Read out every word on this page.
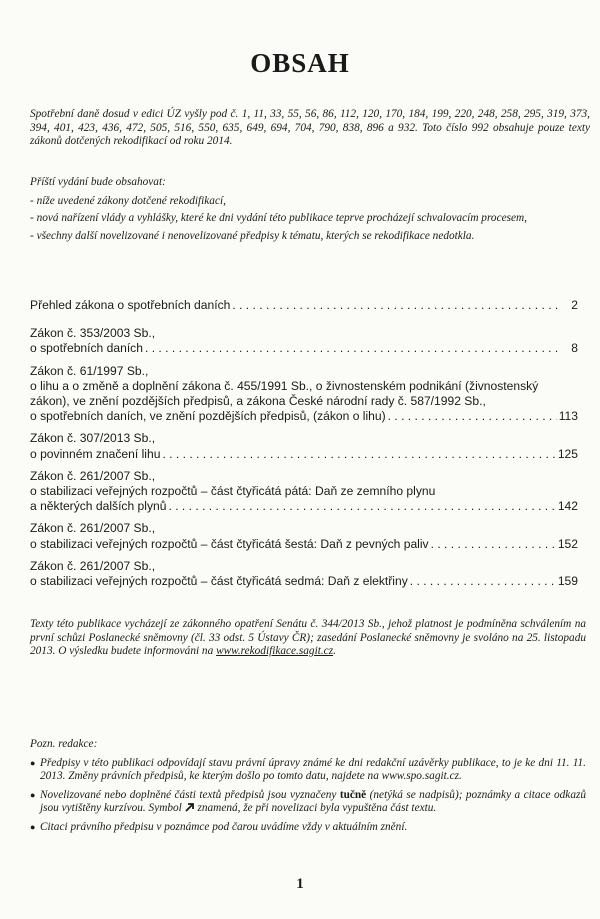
OBSAH
Spotřební daně dosud v edici ÚZ vyšly pod č. 1, 11, 33, 55, 56, 86, 112, 120, 170, 184, 199, 220, 248, 258, 295, 319, 373, 394, 401, 423, 436, 472, 505, 516, 550, 635, 649, 694, 704, 790, 838, 896 a 932. Toto číslo 992 obsahuje pouze texty zákonů dotčených rekodifikací od roku 2014.
Příští vydání bude obsahovat:
- níže uvedené zákony dotčené rekodifikací,
- nová nařízení vlády a vyhlášky, které ke dni vydání této publikace teprve procházejí schvalovacím procesem,
- všechny další novelizované i nenovelizované předpisy k tématu, kterých se rekodifikace nedotkla.
Přehled zákona o spotřebních daních . . .	2
Zákon č. 353/2003 Sb.,
o spotřebních daních . . .	8
Zákon č. 61/1997 Sb.,
o lihu a o změně a doplnění zákona č. 455/1991 Sb., o živnostenském podnikání (živnostenský
zákon), ve znění pozdějších předpisů, a zákona České národní rady č. 587/1992 Sb.,
o spotřebních daních, ve znění pozdějších předpisů, (zákon o lihu) . . .	113
Zákon č. 307/2013 Sb.,
o povinném značení lihu . . .	125
Zákon č. 261/2007 Sb.,
o stabilizaci veřejných rozpočtů – část čtyřicátá pátá: Daň ze zemního plynu
a některých dalších plynů . . .	142
Zákon č. 261/2007 Sb.,
o stabilizaci veřejných rozpočtů – část čtyřicátá šestá: Daň z pevných paliv . . .	152
Zákon č. 261/2007 Sb.,
o stabilizaci veřejných rozpočtů – část čtyřicátá sedmá: Daň z elektřiny . . .	159
Texty této publikace vycházejí ze zákonného opatření Senátu č. 344/2013 Sb., jehož platnost je podmíněna schválením na první schůzi Poslanecké sněmovny (čl. 33 odst. 5 Ústavy ČR); zasedání Poslanecké sněmovny je svoláno na 25. listopadu 2013. O výsledku budete informováni na www.rekodifikace.sagit.cz.
Pozn. redakce:
● Předpisy v této publikaci odpovídají stavu právní úpravy známé ke dni redakční uzávěrky publikace, to je ke dni 11. 11. 2013. Změny právních předpisů, ke kterým došlo po tomto datu, najdete na www.spo.sagit.cz.
● Novelizované nebo doplněné části textů předpisů jsou vyznačeny tučně (netýká se nadpisů); poznámky a citace odkazů jsou vytištěny kurzívou. Symbol znamená, že při novelizaci byla vypuštěna část textu.
● Citaci právního předpisu v poznámce pod čarou uvádíme vždy v aktuálním znění.
1
